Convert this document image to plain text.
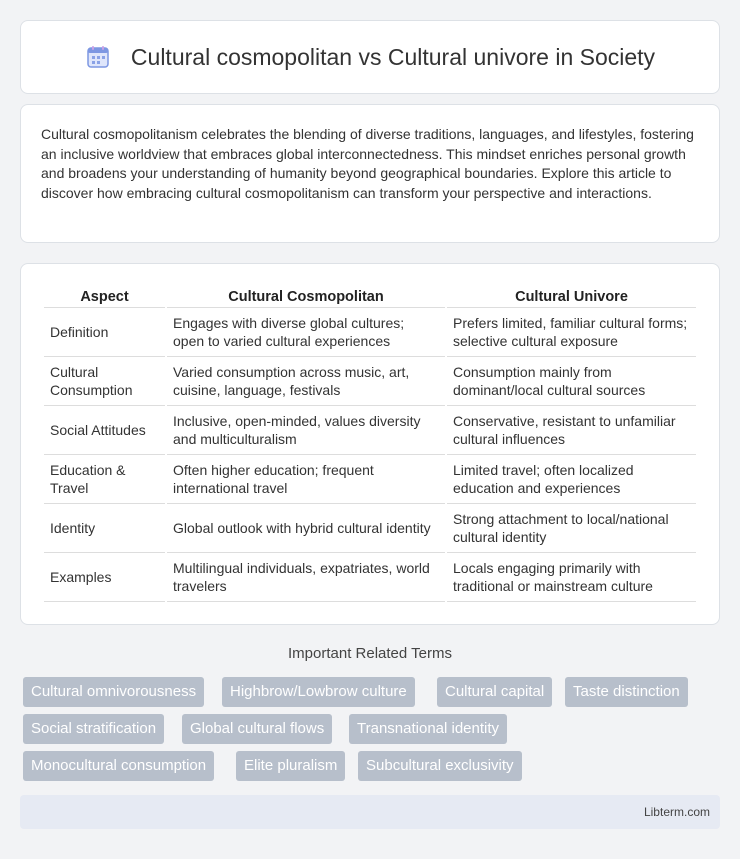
Cultural cosmopolitan vs Cultural univore in Society

Cultural cosmopolitanism celebrates the blending of diverse traditions, languages, and lifestyles, fostering an inclusive worldview that embraces global interconnectedness. This mindset enriches personal growth and broadens your understanding of humanity beyond geographical boundaries. Explore this article to discover how embracing cultural cosmopolitanism can transform your perspective and interactions.

Aspect	Cultural Cosmopolitan	Cultural Univore
Definition	Engages with diverse global cultures; open to varied cultural experiences	Prefers limited, familiar cultural forms; selective cultural exposure
Cultural Consumption	Varied consumption across music, art, cuisine, language, festivals	Consumption mainly from dominant/local cultural sources
Social Attitudes	Inclusive, open-minded, values diversity and multiculturalism	Conservative, resistant to unfamiliar cultural influences
Education & Travel	Often higher education; frequent international travel	Limited travel; often localized education and experiences
Identity	Global outlook with hybrid cultural identity	Strong attachment to local/national cultural identity
Examples	Multilingual individuals, expatriates, world travelers	Locals engaging primarily with traditional or mainstream culture
Important Related Terms
Cultural omnivorousness	Highbrow/Lowbrow culture	Cultural capital	Taste distinction
Social stratification	Global cultural flows	Transnational identity
Monocultural consumption	Elite pluralism	Subcultural exclusivity
Libterm.com
